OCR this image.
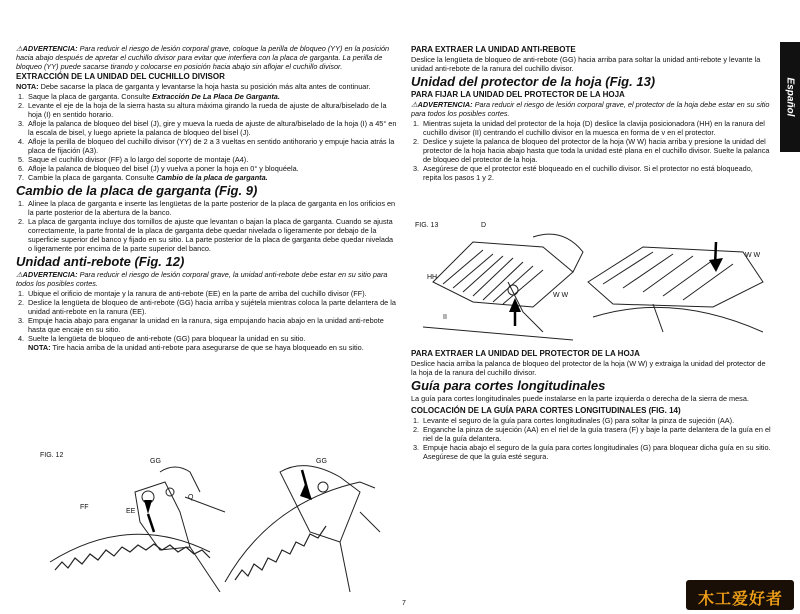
⚠ADVERTENCIA: Para reducir el riesgo de lesión corporal grave, coloque la perilla de bloqueo (YY) en la posición hacia abajo después de apretar el cuchillo divisor para evitar que interfiera con la placa de garganta. La perilla de bloqueo (YY) puede sacarse tirando y colocarse en posición hacia abajo sin aflojar el cuchillo divisor.

EXTRACCIÓN DE LA UNIDAD DEL CUCHILLO DIVISOR

NOTA: Debe sacarse la placa de garganta y levantarse la hoja hasta su posición más alta antes de continuar.

1. Saque la placa de garganta. Consulte Extracción De La Placa De Garganta.
2. Levante el eje de la hoja de la sierra hasta su altura máxima girando la rueda de ajuste de altura/biselado de la hoja (I) en sentido horario.
3. Afloje la palanca de bloqueo del bisel (J), gire y mueva la rueda de ajuste de altura/biselado de la hoja (I) a 45° en la escala de bisel, y luego apriete la palanca de bloqueo del bisel (J).
4. Afloje la perilla de bloqueo del cuchillo divisor (YY) de 2 a 3 vueltas en sentido antihorario y empuje hacia atrás la placa de fijación (A3).
5. Saque el cuchillo divisor (FF) a lo largo del soporte de montaje (A4).
6. Afloje la palanca de bloqueo del bisel (J) y vuelva a poner la hoja en 0° y bloquéela.
7. Cambie la placa de garganta. Consulte Cambio de la placa de garganta.
Cambio de la placa de garganta (Fig. 9)
1. Alinee la placa de garganta e inserte las lengüetas de la parte posterior de la placa de garganta en los orificios en la parte posterior de la abertura de la banco.
2. La placa de garganta incluye dos tornillos de ajuste que levantan o bajan la placa de garganta. Cuando se ajusta correctamente, la parte frontal de la placa de garganta debe quedar nivelada o ligeramente por debajo de la superficie superior del banco y fijado en su sitio. La parte posterior de la placa de garganta debe quedar nivelada o ligeramente por encima de la parte superior del banco.
Unidad anti-rebote (Fig. 12)

⚠ADVERTENCIA: Para reducir el riesgo de lesión corporal grave, la unidad anti-rebote debe estar en su sitio para todos los posibles cortes.

1. Ubique el orificio de montaje y la ranura de anti-rebote (EE) en la parte de arriba del cuchillo divisor (FF).
2. Deslice la lengüeta de bloqueo de anti-rebote (GG) hacia arriba y sujétela mientras coloca la parte delantera de la unidad anti-rebote en la ranura (EE).
3. Empuje hacia abajo para enganar la unidad en la ranura, siga empujando hacia abajo en la unidad anti-rebote hasta que encaje en su sitio.
4. Suelte la lengüeta de bloqueo de anti-rebote (GG) para bloquear la unidad en su sitio.

NOTA: Tire hacia arriba de la unidad anti-rebote para asegurarse de que se haya bloqueado en su sitio.

FIG. 12
GG
EE
FF
Q
GG
PARA EXTRAER LA UNIDAD ANTI-REBOTE

Deslice la lengüeta de bloqueo de anti-rebote (GG) hacia arriba para soltar la unidad anti-rebote y levante la unidad anti-rebote de la ranura del cuchillo divisor.

Unidad del protector de la hoja (Fig. 13)
PARA FIJAR LA UNIDAD DEL PROTECTOR DE LA HOJA

⚠ADVERTENCIA: Para reducir el riesgo de lesión corporal grave, el protector de la hoja debe estar en su sitio para todos los posibles cortes.

1. Mientras sujeta la unidad del protector de la hoja (D) deslice la clavija posicionadora (HH) en la ranura del cuchillo divisor (II) centrando el cuchillo divisor en la muesca en forma de v en el protector.
2. Deslice y sujete la palanca de bloqueo del protector de la hoja (W W) hacia arriba y presione la unidad del protector de la hoja hacia abajo hasta que toda la unidad esté plana en el cuchillo divisor. Suelte la palanca de bloqueo del protector de la hoja.
3. Asegúrese de que el protector esté bloqueado en el cuchillo divisor. Si el protector no está bloqueado, repita los pasos 1 y 2.
FIG. 13	D
HH
II
W W
W W
PARA EXTRAER LA UNIDAD DEL PROTECTOR DE LA HOJA

Deslice hacia arriba la palanca de bloqueo del protector de la hoja (W W) y extraiga la unidad del protector de la hoja de la ranura del cuchillo divisor.

Guía para cortes longitudinales

La guía para cortes longitudinales puede instalarse en la parte izquierda o derecha de la sierra de mesa.

COLOCACIÓN DE LA GUÍA PARA CORTES LONGITUDINALES (FIG. 14)
1. Levante el seguro de la guía para cortes longitudinales (G) para soltar la pinza de sujeción (AA).
2. Enganche la pinza de sujeción (AA) en el riel de la guía trasera (F) y baje la parte delantera de la guía en el riel de la guía delantera.
3. Empuje hacia abajo el seguro de la guía para cortes longitudinales (G) para bloquear dicha guía en su sitio. Asegúrese de que la guía esté segura.
Español
7	木工爱好者
